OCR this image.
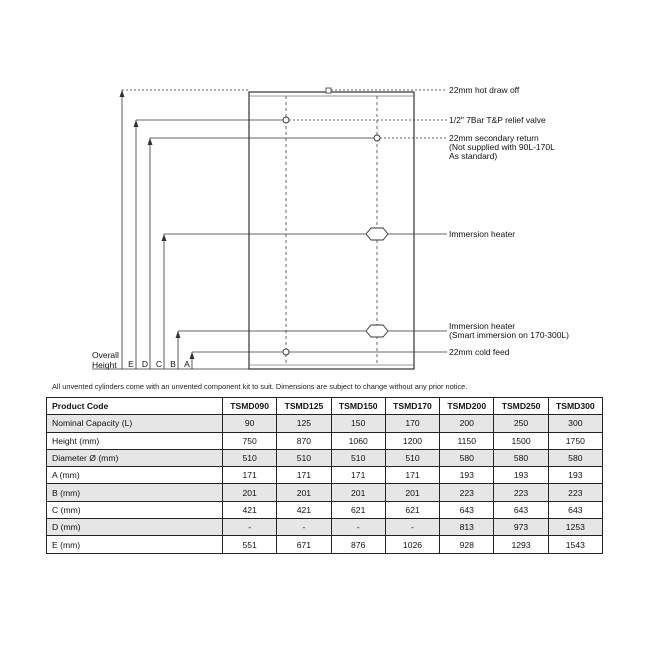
E D C B A
Overall
Height
22mm hot draw off
1/2" 7Bar T&P relief valve
22mm secondary return
(Not supplied with 90L-170L
As standard)
Immersion heater
Immersion heater
(Smart immersion on 170-300L)
22mm cold feed
All unvented cylinders come with an unvented component kit to suit. Dimensions are subject to change without any prior notice.
Product Code	TSMD090	TSMD125	TSMD150	TSMD170	TSMD200	TSMD250	TSMD300
Nominal Capacity (L)	90	125	150	170	200	250	300
Height (mm)	750	870	1060	1200	1150	1500	1750
Diameter Ø (mm)	510	510	510	510	580	580	580
A (mm)	171	171	171	171	193	193	193
B (mm)	201	201	201	201	223	223	223
C (mm)	421	421	621	621	643	643	643
D (mm)	-	-	-	-	813	973	1253
E (mm)	551	671	876	1026	928	1293	1543
